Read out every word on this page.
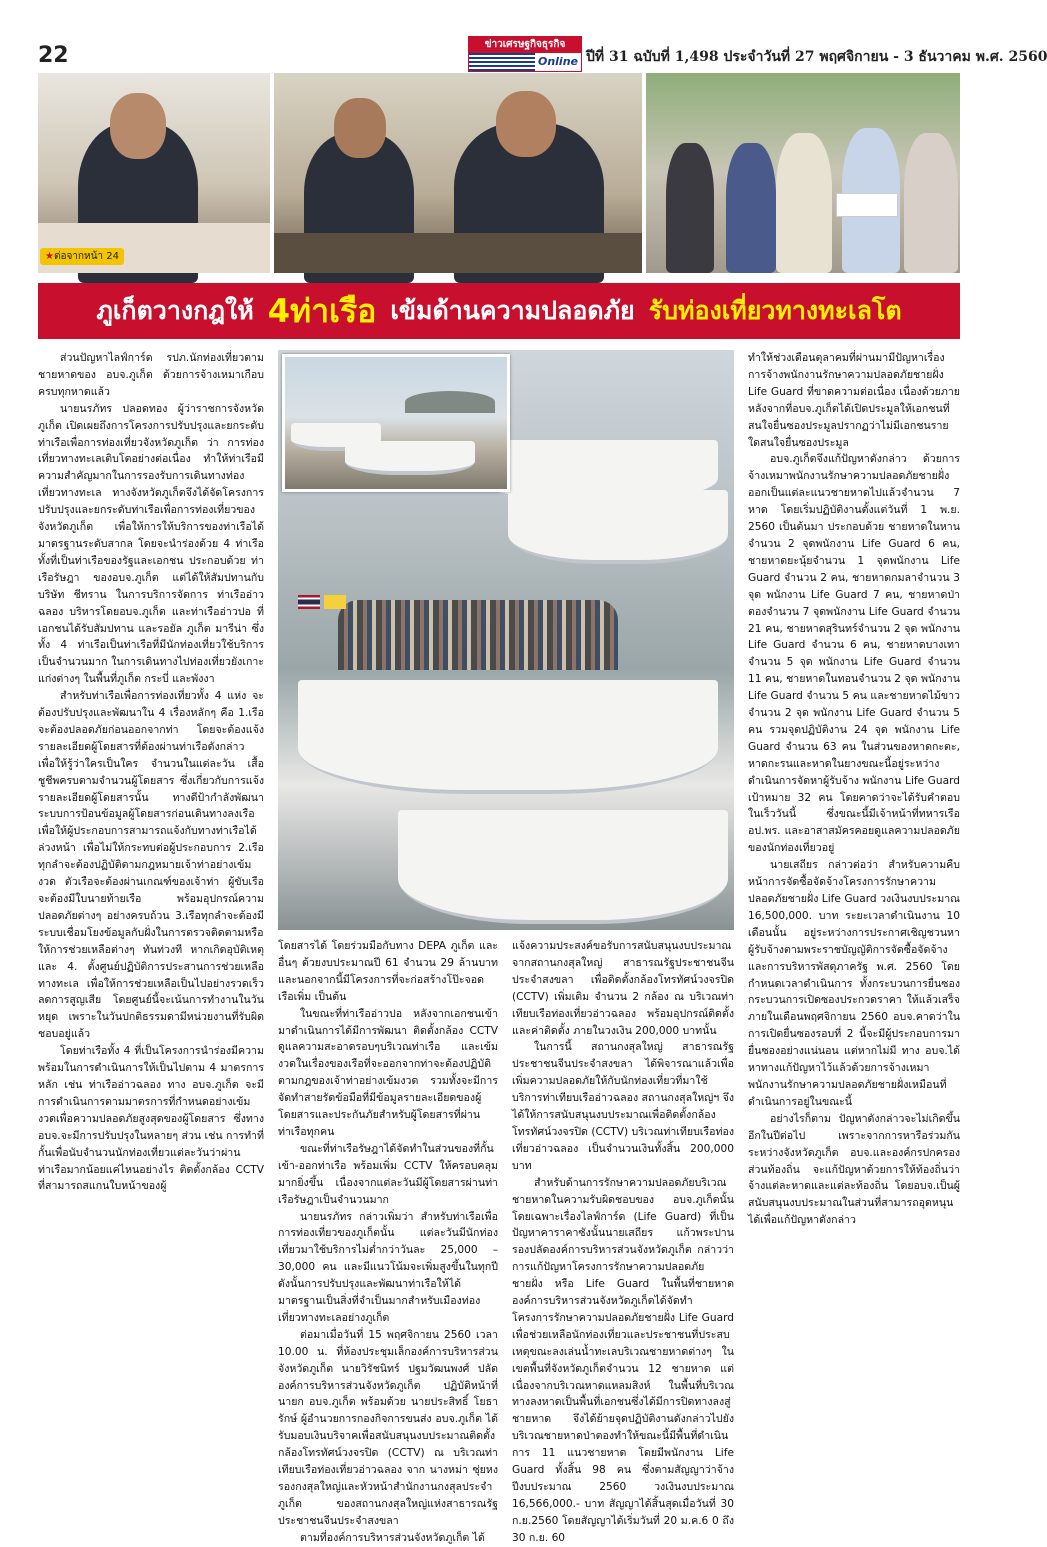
22	ข่าวเศรษฐกิจธุรกิจ
Online ปีที่ 31 ฉบับที่ 1,498 ประจำวันที่ 27 พฤศจิกายน - 3 ธันวาคม พ.ศ. 2560
★ต่อจากหน้า 24
ภูเก็ตวางกฎให้ 4ท่าเรือ เข้มด้านความปลอดภัย รับท่องเที่ยวทางทะเลโต

ส่วนปัญหาไลฟ์การ์ด รปภ.นักท่องเที่ยวตามชายหาดของ อบจ.ภูเก็ต ด้วยการจ้างเหมาเกือบครบทุกหาดแล้ว

นายนรภัทร ปลอดทอง ผู้ว่าราชการจังหวัดภูเก็ต เปิดเผยถึงการโครงการปรับปรุงและยกระดับท่าเรือเพื่อการท่องเที่ยวจังหวัดภูเก็ต ว่า การท่องเที่ยวทางทะเลเติบโตอย่างต่อเนื่อง ทำให้ท่าเรือมีความสำคัญมากในการรองรับการเดินทางท่องเที่ยวทางทะเล ทางจังหวัดภูเก็ตจึงได้จัดโครงการปรับปรุงและยกระดับท่าเรือเพื่อการท่องเที่ยวของจังหวัดภูเก็ต เพื่อให้การให้บริการของท่าเรือได้มาตรฐานระดับสากล โดยจะนำร่องด้วย 4 ท่าเรือ ทั้งที่เป็นท่าเรือของรัฐและเอกชน ประกอบด้วย ท่าเรือรัษฎา ของอบจ.ภูเก็ต แต่ได้ให้สัมปทานกับบริษัท ชีทราน ในการบริการจัดการ ท่าเรืออ่าวฉลอง บริหารโดยอบจ.ภูเก็ต และท่าเรืออ่าวปอ ที่เอกชนได้รับสัมปทาน และรอยัล ภูเก็ต มารีน่า ซึ่งทั้ง 4 ท่าเรือเป็นท่าเรือที่มีนักท่องเที่ยวใช้บริการเป็นจำนวนมาก ในการเดินทางไปท่องเที่ยวยังเกาะแก่งต่างๆ ในพื้นที่ภูเก็ต กระบี่ และพังงา

สำหรับท่าเรือเพื่อการท่องเที่ยวทั้ง 4 แห่ง จะต้องปรับปรุงและพัฒนาใน 4 เรื่องหลักๆ คือ 1.เรือจะต้องปลอดภัยก่อนออกจากท่า โดยจะต้องแจ้งรายละเอียดผู้โดยสารที่ต้องผ่านท่าเรือดังกล่าว เพื่อให้รู้ว่าใครเป็นใคร จำนวนในแต่ละวัน เสื้อชูชีพครบตามจำนวนผู้โดยสาร ซึ่งเกี่ยวกับการแจ้งรายละเอียดผู้โดยสารนั้น ทางดีป้ากำลังพัฒนาระบบการป้อนข้อมูลผู้โดยสารก่อนเดินทางลงเรือเพื่อให้ผู้ประกอบการสามารถแจ้งกับทางท่าเรือได้ล่วงหน้า เพื่อไม่ให้กระทบต่อผู้ประกอบการ 2.เรือทุกลำจะต้องปฏิบัติตามกฎหมายเจ้าท่าอย่างเข้มงวด ตัวเรือจะต้องผ่านเกณฑ์ของเจ้าท่า ผู้ขับเรือจะต้องมีใบนายท้ายเรือ พร้อมอุปกรณ์ความปลอดภัยต่างๆ อย่างครบถ้วน 3.เรือทุกลำจะต้องมีระบบเชื่อมโยงข้อมูลกับฝั่งในการตรวจติดตามหรือให้การช่วยเหลือต่างๆ ทันท่วงที หากเกิดอุบัติเหตุ และ 4. ตั้งศูนย์ปฏิบัติการประสานการช่วยเหลือทางทะเล เพื่อให้การช่วยเหลือเป็นไปอย่างรวดเร็ว ลดการสูญเสีย โดยศูนย์นี้จะเน้นการทำงานในวันหยุด เพราะในวันปกติธรรมดามีหน่วยงานที่รับผิดชอบอยู่แล้ว

โดยท่าเรือทั้ง 4 ที่เป็นโครงการนำร่องมีความพร้อมในการดำเนินการให้เป็นไปตาม 4 มาตรการหลัก เช่น ท่าเรืออ่าวฉลอง ทาง อบจ.ภูเก็ต จะมีการดำเนินการตามมาตรการที่กำหนดอย่างเข้มงวดเพื่อความปลอดภัยสูงสุดของผู้โดยสาร ซึ่งทาง อบจ.จะมีการปรับปรุงในหลายๆ ส่วน เช่น การทำที่กั้นเพื่อนับจำนวนนักท่องเที่ยวแต่ละวันว่าผ่านท่าเรือมากน้อยแค่ไหนอย่างไร ติดตั้งกล้อง CCTV ที่สามารถสแกนใบหน้าของผู้

โดยสารได้ โดยร่วมมือกับทาง DEPA ภูเก็ต และอื่นๆ ด้วยงบประมาณปี 61 จำนวน 29 ล้านบาท และนอกจากนี้มีโครงการที่จะก่อสร้างโป๊ะจอดเรือเพิ่ม เป็นต้น

ในขณะที่ท่าเรืออ่าวปอ หลังจากเอกชนเข้ามาดำเนินการได้มีการพัฒนา ติดตั้งกล้อง CCTV ดูแลความสะอาดรอบๆบริเวณท่าเรือ และเข้มงวดในเรื่องของเรือที่จะออกจากท่าจะต้องปฏิบัติตามกฎของเจ้าท่าอย่างเข้มงวด รวมทั้งจะมีการจัดทำสายรัดข้อมือที่มีข้อมูลรายละเอียดของผู้โดยสารและประกันภัยสำหรับผู้โดยสารที่ผ่านท่าเรือทุกคน

ขณะที่ท่าเรือรัษฎาได้จัดทำในส่วนของที่กั้นเข้า-ออกท่าเรือ พร้อมเพิ่ม CCTV ให้ครอบคลุมมากยิ่งขึ้น เนื่องจากแต่ละวันมีผู้โดยสารผ่านท่าเรือรัษฎาเป็นจำนวนมาก

นายนรภัทร กล่าวเพิ่มว่า สำหรับท่าเรือเพื่อการท่องเที่ยวของภูเก็ตนั้น แต่ละวันมีนักท่องเที่ยวมาใช้บริการไม่ต่ำกว่าวันละ 25,000 – 30,000 คน และมีแนวโน้มจะเพิ่มสูงขึ้นในทุกปี ดังนั้นการปรับปรุงและพัฒนาท่าเรือให้ได้มาตรฐานเป็นสิ่งที่จำเป็นมากสำหรับเมืองท่องเที่ยวทางทะเลอย่างภูเก็ต

ต่อมาเมื่อวันที่ 15 พฤศจิกายน 2560 เวลา 10.00 น. ที่ห้องประชุมเล็กองค์การบริหารส่วนจังหวัดภูเก็ต นายวิรัชนิทร์ ปฐมวัฒนพงศ์ ปลัดองค์การบริหารส่วนจังหวัดภูเก็ต ปฏิบัติหน้าที่นายก อบจ.ภูเก็ต พร้อมด้วย นายประสิทธิ์ โยธารักษ์ ผู้อำนวยการกองกิจการขนส่ง อบจ.ภูเก็ต ได้รับมอบเงินบริจาคเพื่อสนับสนุนงบประมาณติดตั้งกล้องโทรทัศน์วงจรปิด (CCTV) ณ บริเวณท่าเทียบเรือท่องเที่ยวอ่าวฉลอง จาก นางหม่า ซุ่ยหง รองกงสุลใหญ่และหัวหน้าสำนักงานกงสุลประจำภูเก็ต ของสถานกงสุลใหญ่แห่งสาธารณรัฐประชาชนจีนประจำสงขลา

ตามที่องค์การบริหารส่วนจังหวัดภูเก็ต ได้

แจ้งความประสงค์ขอรับการสนับสนุนงบประมาณจากสถานกงสุลใหญ่ สาธารณรัฐประชาชนจีนประจำสงขลา เพื่อติดตั้งกล้องโทรทัศน์วงจรปิด (CCTV) เพิ่มเติม จำนวน 2 กล้อง ณ บริเวณท่าเทียบเรือท่องเที่ยวอ่าวฉลอง พร้อมอุปกรณ์ติดตั้งและค่าติดตั้ง ภายในวงเงิน 200,000 บาทนั้น

ในการนี้ สถานกงสุลใหญ่ สาธารณรัฐประชาชนจีนประจำสงขลา ได้พิจารณาแล้วเพื่อเพิ่มความปลอดภัยให้กับนักท่องเที่ยวที่มาใช้บริการท่าเทียบเรืออ่าวฉลอง สถานกงสุลใหญ่ฯ จึงได้ให้การสนับสนุนงบประมาณเพื่อติดตั้งกล้องโทรทัศน์วงจรปิด (CCTV) บริเวณท่าเทียบเรือท่องเที่ยวอ่าวฉลอง เป็นจำนวนเงินทั้งสิ้น 200,000 บาท

สำหรับด้านการรักษาความปลอดภัยบริเวณชายหาดในความรับผิดชอบของ อบจ.ภูเก็ตนั้น โดยเฉพาะเรื่องไลฟ์การ์ด (Life Guard) ที่เป็นปัญหาคาราคาซังนั้นนายเสถียร แก้วพระปาน รองปลัดองค์การบริหารส่วนจังหวัดภูเก็ต กล่าวว่า การแก้ปัญหาโครงการรักษาความปลอดภัยชายฝั่ง หรือ Life Guard ในพื้นที่ชายหาดองค์การบริหารส่วนจังหวัดภูเก็ตได้จัดทำโครงการรักษาความปลอดภัยชายฝั่ง Life Guard เพื่อช่วยเหลือนักท่องเที่ยวและประชาชนที่ประสบเหตุขณะลงเล่นน้ำทะเลบริเวณชายหาดต่างๆ ในเขตพื้นที่จังหวัดภูเก็ตจำนวน 12 ชายหาด แต่เนื่องจากบริเวณหาดแหลมสิงห์ ในพื้นที่บริเวณทางลงหาดเป็นพื้นที่เอกชนซึ่งได้มีการปิดทางลงสู่ชายหาด จึงได้ย้ายจุดปฏิบัติงานดังกล่าวไปยังบริเวณชายหาดป่าตองทำให้ขณะนี้มีพื้นที่ดำเนินการ 11 แนวชายหาด โดยมีพนักงาน Life Guard ทั้งสิ้น 98 คน ซึ่งตามสัญญาว่าจ้างปีงบประมาณ 2560 วงเงินงบประมาณ 16,566,000.- บาท สัญญาได้สิ้นสุดเมื่อวันที่ 30 ก.ย.2560 โดยสัญญาได้เริ่มวันที่ 20 ม.ค.6 0 ถึง 30 ก.ย. 60

ทำให้ช่วงเดือนตุลาคมที่ผ่านมามีปัญหาเรื่องการจ้างพนักงานรักษาความปลอดภัยชายฝั่ง Life Guard ที่ขาดความต่อเนื่อง เนื่องด้วยภายหลังจากที่อบจ.ภูเก็ตได้เปิดประมูลให้เอกชนที่สนใจยื่นซองประมูลปรากฏว่าไม่มีเอกชนรายใดสนใจยื่นซองประมูล

อบจ.ภูเก็ตจึงแก้ปัญหาดังกล่าว ด้วยการจ้างเหมาพนักงานรักษาความปลอดภัยชายฝั่งออกเป็นแต่ละแนวชายหาดไปแล้วจำนวน 7 หาด โดยเริ่มปฏิบัติงานตั้งแต่วันที่ 1 พ.ย. 2560 เป็นต้นมา ประกอบด้วย ชายหาดในหานจำนวน 2 จุดพนักงาน Life Guard 6 คน, ชายหาดยะนุ้ยจำนวน 1 จุดพนักงาน Life Guard จำนวน 2 คน, ชายหาดกมลาจำนวน 3 จุด พนักงาน Life Guard 7 คน, ชายหาดป่าตองจำนวน 7 จุดพนักงาน Life Guard จำนวน 21 คน, ชายหาดสุรินทร์จำนวน 2 จุด พนักงาน Life Guard จำนวน 6 คน, ชายหาดบางเทาจำนวน 5 จุด พนักงาน Life Guard จำนวน 11 คน, ชายหาดในทอนจำนวน 2 จุด พนักงาน Life Guard จำนวน 5 คน และชายหาดไม้ขาว จำนวน 2 จุด พนักงาน Life Guard จำนวน 5 คน รวมจุดปฏิบัติงาน 24 จุด พนักงาน Life Guard จำนวน 63 คน ในส่วนของหาดกะตะ, หาดกะรนและหาดในยางขณะนี้อยู่ระหว่างดำเนินการจัดหาผู้รับจ้าง พนักงาน Life Guard เป้าหมาย 32 คน โดยคาดว่าจะได้รับคำตอบในเร็ววันนี้ ซึ่งขณะนี้มีเจ้าหน้าที่ทหารเรือ อป.พร. และอาสาสมัครคอยดูแลความปลอดภัยของนักท่องเที่ยวอยู่

นายเสถียร กล่าวต่อว่า สำหรับความคืบหน้าการจัดซื้อจัดจ้างโครงการรักษาความปลอดภัยชายฝั่ง Life Guard วงเงินงบประมาณ 16,500,000. บาท ระยะเวลาดำเนินงาน 10 เดือนนั้น อยู่ระหว่างการประกาศเชิญชวนหาผู้รับจ้างตามพระราชบัญญัติการจัดซื้อจัดจ้างและการบริหารพัสดุภาครัฐ พ.ศ. 2560 โดยกำหนดเวลาดำเนินการ ทั้งกระบวนการยื่นซองกระบวนการเปิดซองประกวดราคา ให้แล้วเสร็จภายในเดือนพฤศจิกายน 2560 อบจ.คาดว่าในการเปิดยื่นซองรอบที่ 2 นี้จะมีผู้ประกอบการมายื่นซองอย่างแน่นอน แต่หากไม่มี ทาง อบจ.ได้หาทางแก้ปัญหาไว้แล้วด้วยการจ้างเหมาพนักงานรักษาความปลอดภัยชายฝั่งเหมือนที่ดำเนินการอยู่ในขณะนี้

อย่างไรก็ตาม ปัญหาดังกล่าวจะไม่เกิดขึ้นอีกในปีต่อไป เพราะจากการหารือร่วมกันระหว่างจังหวัดภูเก็ต อบจ.และองค์กรปกครองส่วนท้องถิ่น จะแก้ปัญหาด้วยการให้ท้องถิ่นว่าจ้างแต่ละหาดและแต่ละท้องถิ่น โดยอบจ.เป็นผู้สนับสนุนงบประมาณในส่วนที่สามารถอุดหนุนได้เพื่อแก้ปัญหาดังกล่าว
